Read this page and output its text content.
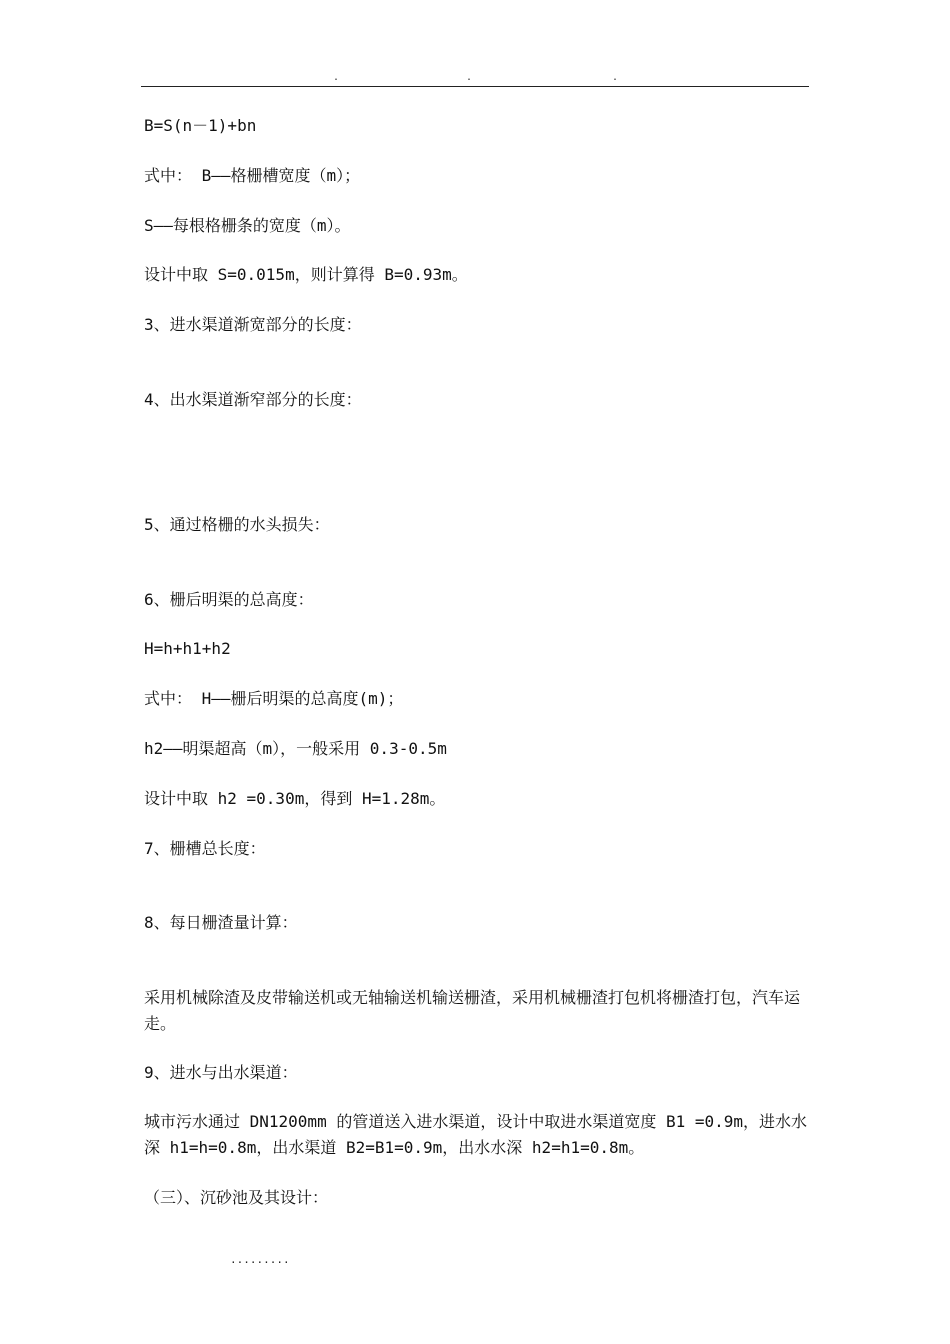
.	.	.
B=S(n－1)+bn
式中： B——格栅槽宽度（m）；
S——每根格栅条的宽度（m）。
设计中取 S=0.015m，则计算得 B=0.93m。
3、进水渠道渐宽部分的长度：
4、出水渠道渐窄部分的长度：
5、通过格栅的水头损失：
6、栅后明渠的总高度：
H=h+h1+h2
式中： H——栅后明渠的总高度(m)；
h2——明渠超高（m），一般采用 0.3-0.5m
设计中取 h2 =0.30m，得到 H=1.28m。
7、栅槽总长度：
8、每日栅渣量计算：
采用机械除渣及皮带输送机或无轴输送机输送栅渣，采用机械栅渣打包机将栅渣打包，汽车运走。
9、进水与出水渠道：
城市污水通过 DN1200mm 的管道送入进水渠道，设计中取进水渠道宽度 B1 =0.9m，进水水深 h1=h=0.8m，出水渠道 B2=B1=0.9m，出水水深 h2=h1=0.8m。
（三）、沉砂池及其设计：
.........
